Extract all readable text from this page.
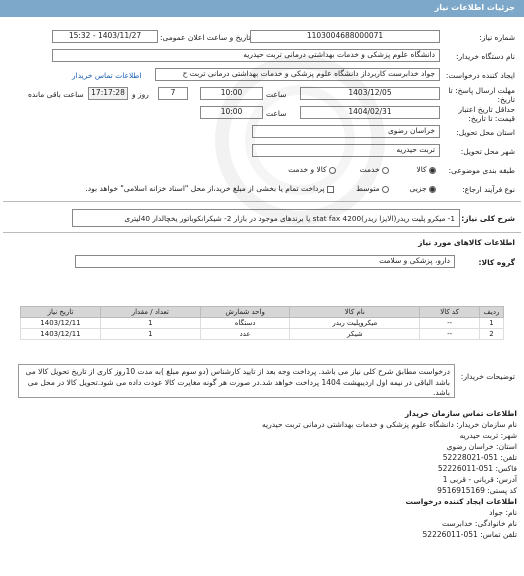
جزئیات اطلاعات نیاز
شماره نیاز:
1103004688000071
تاریخ و ساعت اعلان عمومی:
1403/11/27 - 15:32
نام دستگاه خریدار:
دانشگاه علوم پزشکی و خدمات بهداشتی درمانی تربت حیدریه
ایجاد کننده درخواست:
جواد خدابرست کاربرداز دانشگاه علوم پزشکی و خدمات بهداشتی درمانی تربت ح
اطلاعات تماس خریدار
مهلت ارسال پاسخ: تا تاریخ:
1403/12/05
ساعت
10:00
7
روز و
17:17:28
ساعت باقی مانده
حداقل تاریخ اعتبار قیمت: تا تاریخ:
1404/02/31
ساعت
10:00
استان محل تحویل:
خراسان رضوی
شهر محل تحویل:
تربت حیدریه
طبقه بندی موضوعی:
کالا
خدمت
کالا و خدمت
نوع فرآیند ارجاع:
جزیی
متوسط
پرداخت تمام یا بخشی از مبلغ خرید،از محل "اسناد خزانه اسلامی" خواهد بود.
شرح کلی نیاز:
1- میکرو پلیت ریدر(الایزا ریدر)stat fax 4200 یا برندهای موجود در بازار 2- شیکرانکوباتور یخچالدار 40لیتری
اطلاعات کالاهای مورد نیاز
گروه کالا:
دارو، پزشکی و سلامت
ردیف	کد کالا	نام کالا	واحد شمارش	تعداد / مقدار	تاریخ نیاز
1	--	میکروپلیت ریدر	دستگاه	1	1403/12/11
2	--	شیکر	عدد	1	1403/12/11
توضیحات خریدار:
درخواست مطابق شرح کلی نیاز می باشد. پرداخت وجه بعد از تایید کارشناس (دو سوم مبلغ )به مدت 10روز کاری از تاریخ تحویل کالا می باشد الباقی در نیمه اول اردیبهشت 1404 پرداخت خواهد شد.در صورت هر گونه مغایرت کالا عودت داده می شود.تحویل کالا در محل می باشد.
اطلاعات تماس سازمان خریدار
نام سازمان خریدار: دانشگاه علوم پزشکی و خدمات بهداشتی درمانی تربت حیدریه
شهر: تربت حیدریه
استان: خراسان رضوی
تلفن: 051-52228021
فاکس: 051-52226011
آدرس: قربانی - قربی 1
کد پستی: 9516915169
اطلاعات ایجاد کننده درخواست
نام: جواد
نام خانوادگی: خدابرست
تلفن تماس: 051-52226011
